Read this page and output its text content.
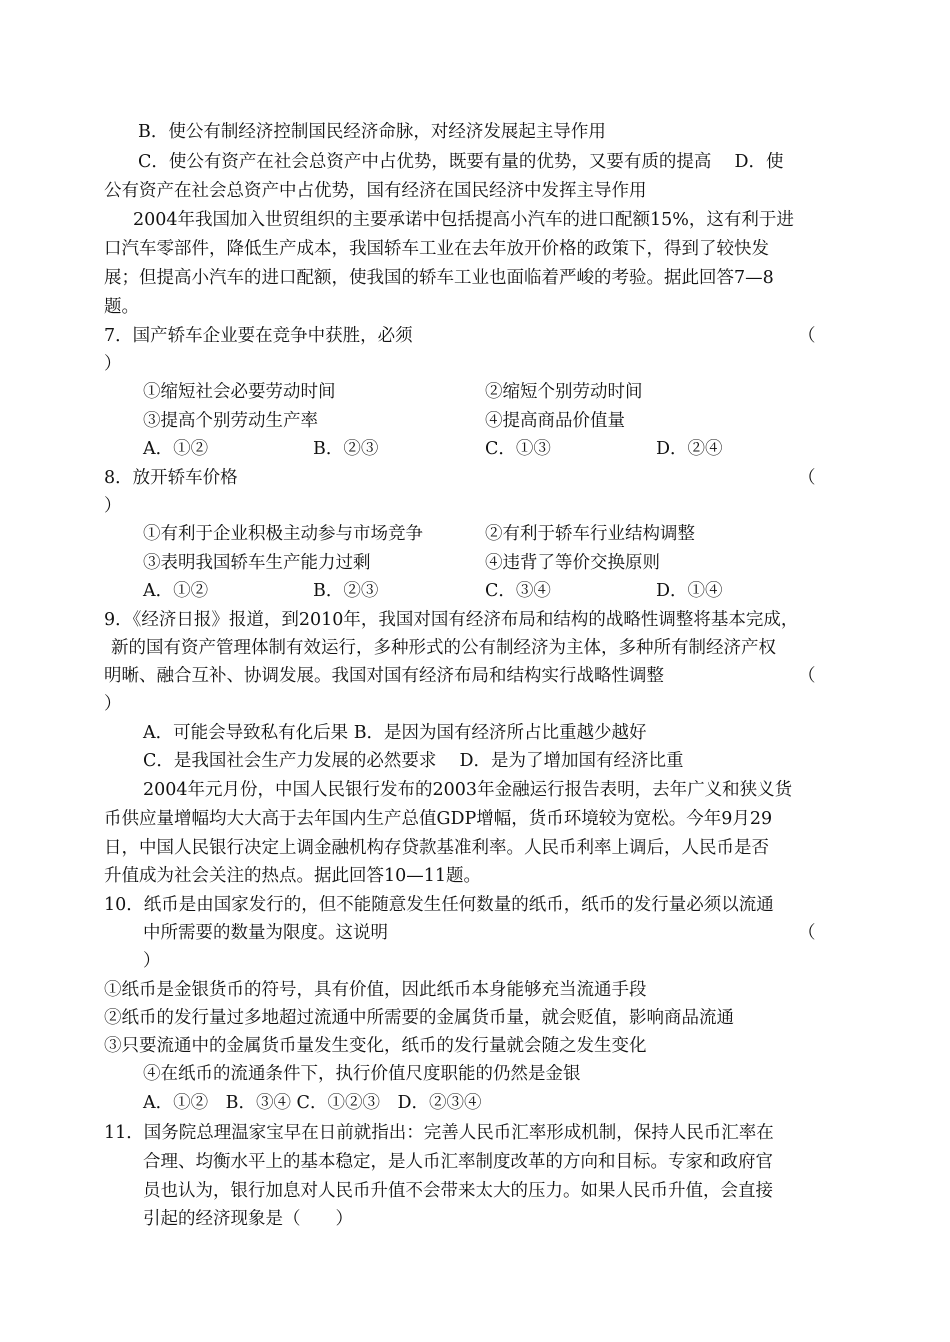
B．使公有制经济控制国民经济命脉，对经济发展起主导作用
C．使公有资产在社会总资产中占优势，既要有量的优势，又要有质的提高　 D．使
公有资产在社会总资产中占优势，国有经济在国民经济中发挥主导作用
2004年我国加入世贸组织的主要承诺中包括提高小汽车的进口配额15%，这有利于进
口汽车零部件，降低生产成本，我国轿车工业在去年放开价格的政策下，得到了较快发
展；但提高小汽车的进口配额，使我国的轿车工业也面临着严峻的考验。据此回答7—8
题。
7．国产轿车企业要在竞争中获胜，必须	（
）
①缩短社会必要劳动时间	②缩短个别劳动时间
③提高个别劳动生产率	④提高商品价值量
A．①②	B．②③	C．①③	D．②④
8．放开轿车价格	（
）
①有利于企业积极主动参与市场竞争	②有利于轿车行业结构调整
③表明我国轿车生产能力过剩	④违背了等价交换原则
A．①②	B．②③	C．③④	D．①④
9．《经济日报》报道，到2010年，我国对国有经济布局和结构的战略性调整将基本完成，
新的国有资产管理体制有效运行，多种形式的公有制经济为主体，多种所有制经济产权
明晰、融合互补、协调发展。我国对国有经济布局和结构实行战略性调整	（
）
A．可能会导致私有化后果 B．是因为国有经济所占比重越少越好
C．是我国社会生产力发展的必然要求　 D．是为了增加国有经济比重
2004年元月份，中国人民银行发布的2003年金融运行报告表明，去年广义和狭义货
币供应量增幅均大大高于去年国内生产总值GDP增幅，货币环境较为宽松。今年9月29
日，中国人民银行决定上调金融机构存贷款基准利率。人民币利率上调后，人民币是否
升值成为社会关注的热点。据此回答10—11题。
10．纸币是由国家发行的，但不能随意发生任何数量的纸币，纸币的发行量必须以流通
中所需要的数量为限度。这说明	（
）
①纸币是金银货币的符号，具有价值，因此纸币本身能够充当流通手段
②纸币的发行量过多地超过流通中所需要的金属货币量，就会贬值，影响商品流通
③只要流通中的金属货币量发生变化，纸币的发行量就会随之发生变化
④在纸币的流通条件下，执行价值尺度职能的仍然是金银
A．①②　B．③④ C．①②③　D．②③④
11．国务院总理温家宝早在日前就指出：完善人民币汇率形成机制，保持人民币汇率在
合理、均衡水平上的基本稳定，是人币汇率制度改革的方向和目标。专家和政府官
员也认为，银行加息对人民币升值不会带来太大的压力。如果人民币升值，会直接
引起的经济现象是（　　）
